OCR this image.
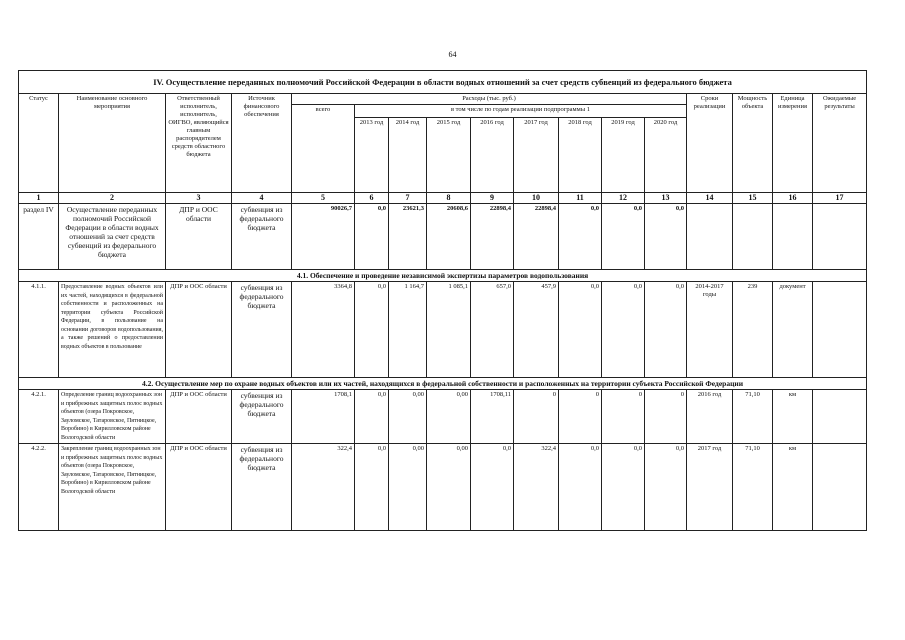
64
IV. Осуществление переданных полномочий Российской Федерации в области водных отношений за счет средств субвенций из федерального бюджета																
Статус	Наименование основного мероприятия	Ответственный исполнитель, исполнитель, ОИГВО, являющийся главным распорядителем средств областного бюджета	Источник финансового обеспечения	Расходы (тыс. руб.)									Сроки реализации	Мощность объекта	Единица измерения	Ожидаемые результаты
				всего	в том числе по годам реализации подпрограммы 1											
					2013 год	2014 год	2015 год	2016 год	2017 год	2018 год	2019 год	2020 год				
1	2	3	4	5	6	7	8	9	10	11	12	13	14	15	16	17
раздел IV	Осуществление переданных полномочий Российской Федерации в области водных отношений за счет средств субвенций из федерального бюджета	ДПР и ООС области	субвенция из федерального бюджета	90026,7	0,0	23621,3	20608,6	22898,4	22898,4	0,0	0,0	0,0				
4.1. Обеспечение и проведение независимой экспертизы параметров водопользования																
4.1.1.	Предоставление водных объектов или их частей, находящихся в федеральной собственности и расположенных на территории субъекта Российской Федерации, в пользование на основании договоров водопользования, а также решений о предоставлении водных объектов в пользование	ДПР и ООС области	субвенция из федерального бюджета	3364,8	0,0	1 164,7	1 085,1	657,0	457,9	0,0	0,0	0,0	2014-2017 годы	239	документ	
4.2. Осуществление мер по охране водных объектов или их частей, находящихся в федеральной собственности и расположенных на территории субъекта Российской Федерации																
4.2.1.	Определение границ водоохранных зон и прибрежных защитных полос водных объектов (озера Покровское, Зауломское, Татаровское, Пятницкое, Воробино) в Кирилловском районе Вологодской области	ДПР и ООС области	субвенция из федерального бюджета	1708,1	0,0	0,00	0,00	1708,11	0	0	0	0	2016 год	71,10	км	
4.2.2.	Закрепление границ водоохранных зон и прибрежных защитных полос водных объектов (озера Покровское, Зауломское, Татаровское, Пятницкое, Воробино) в Кирилловском районе Вологодской области	ДПР и ООС области	субвенция из федерального бюджета	322,4	0,0	0,00	0,00	0,0	322,4	0,0	0,0	0,0	2017 год	71,10	км	
